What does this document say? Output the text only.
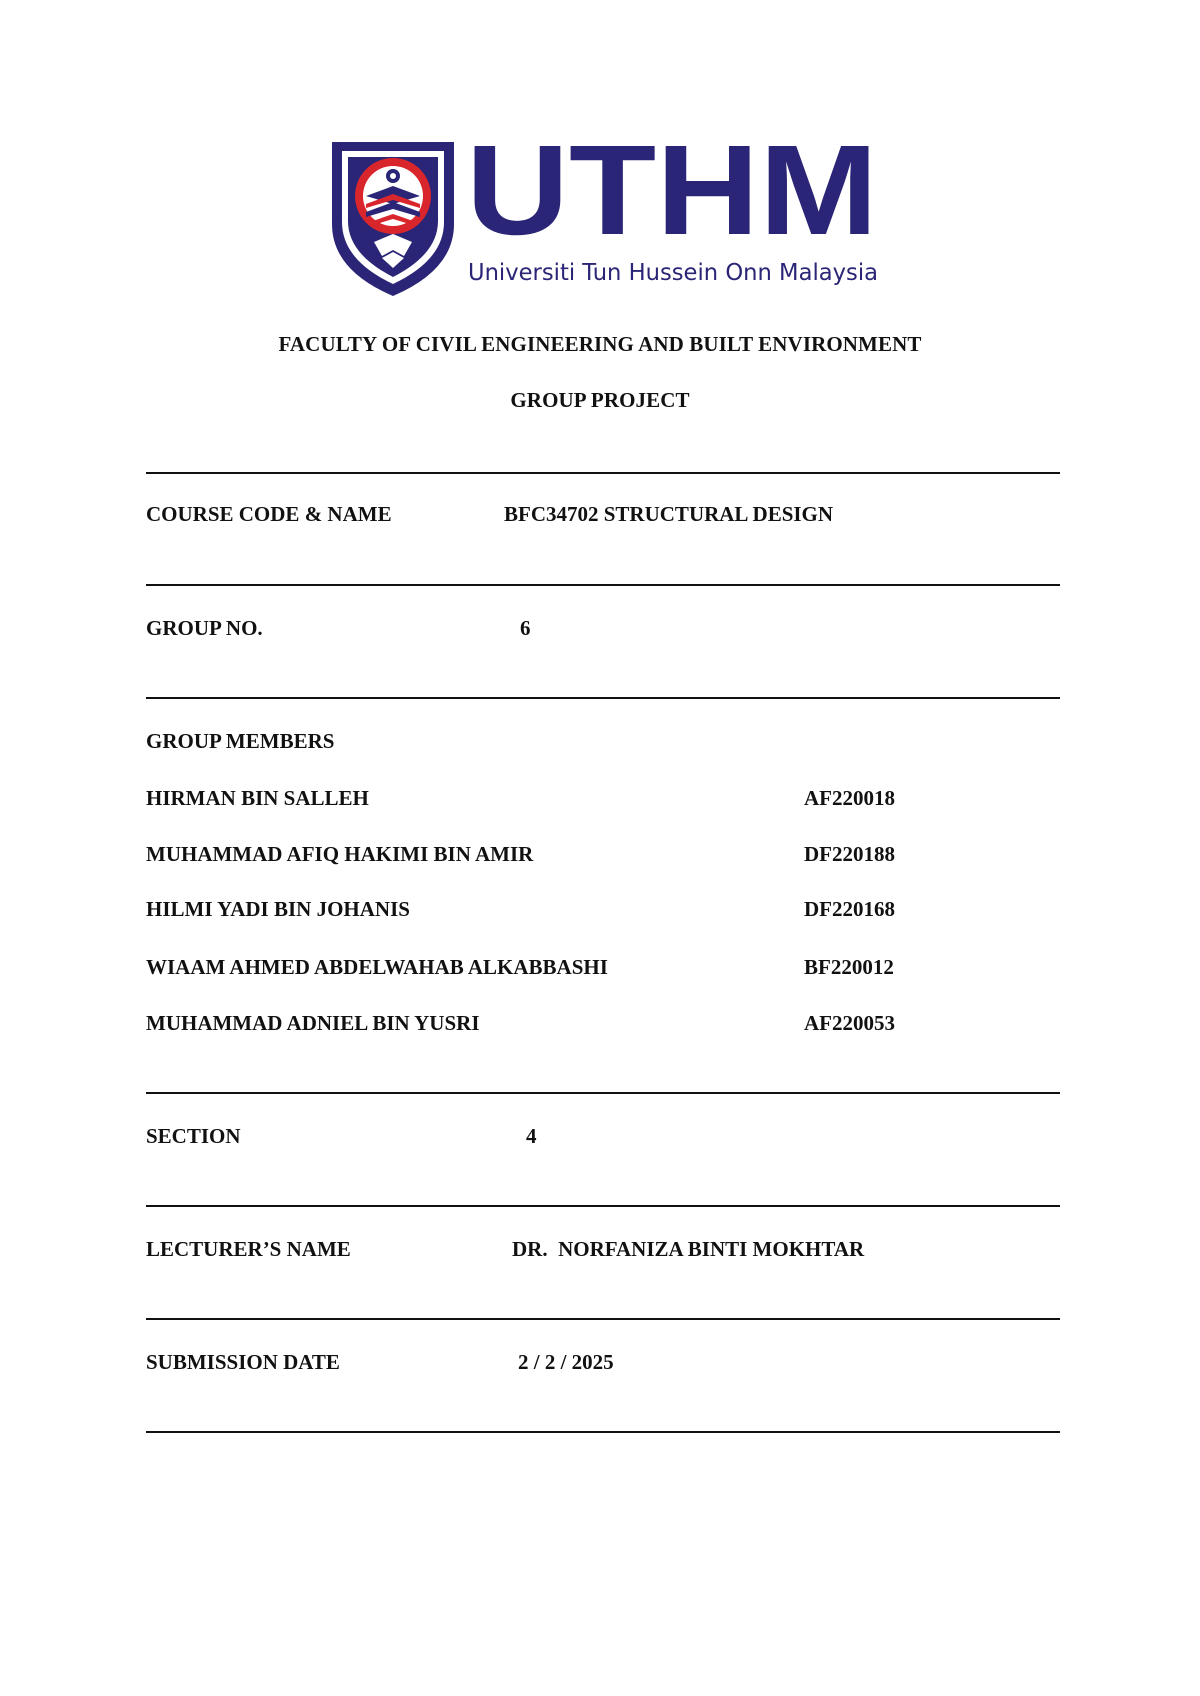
UTHM
Universiti Tun Hussein Onn Malaysia
FACULTY OF CIVIL ENGINEERING AND BUILT ENVIRONMENT
GROUP PROJECT
COURSE CODE & NAME	BFC34702 STRUCTURAL DESIGN
GROUP NO.	6
GROUP MEMBERS
HIRMAN BIN SALLEH	AF220018
MUHAMMAD AFIQ HAKIMI BIN AMIR	DF220188
HILMI YADI BIN JOHANIS	DF220168
WIAAM AHMED ABDELWAHAB ALKABBASHI	BF220012
MUHAMMAD ADNIEL BIN YUSRI	AF220053
SECTION	4
LECTURER’S NAME	DR.  NORFANIZA BINTI MOKHTAR
SUBMISSION DATE	2 / 2 / 2025
